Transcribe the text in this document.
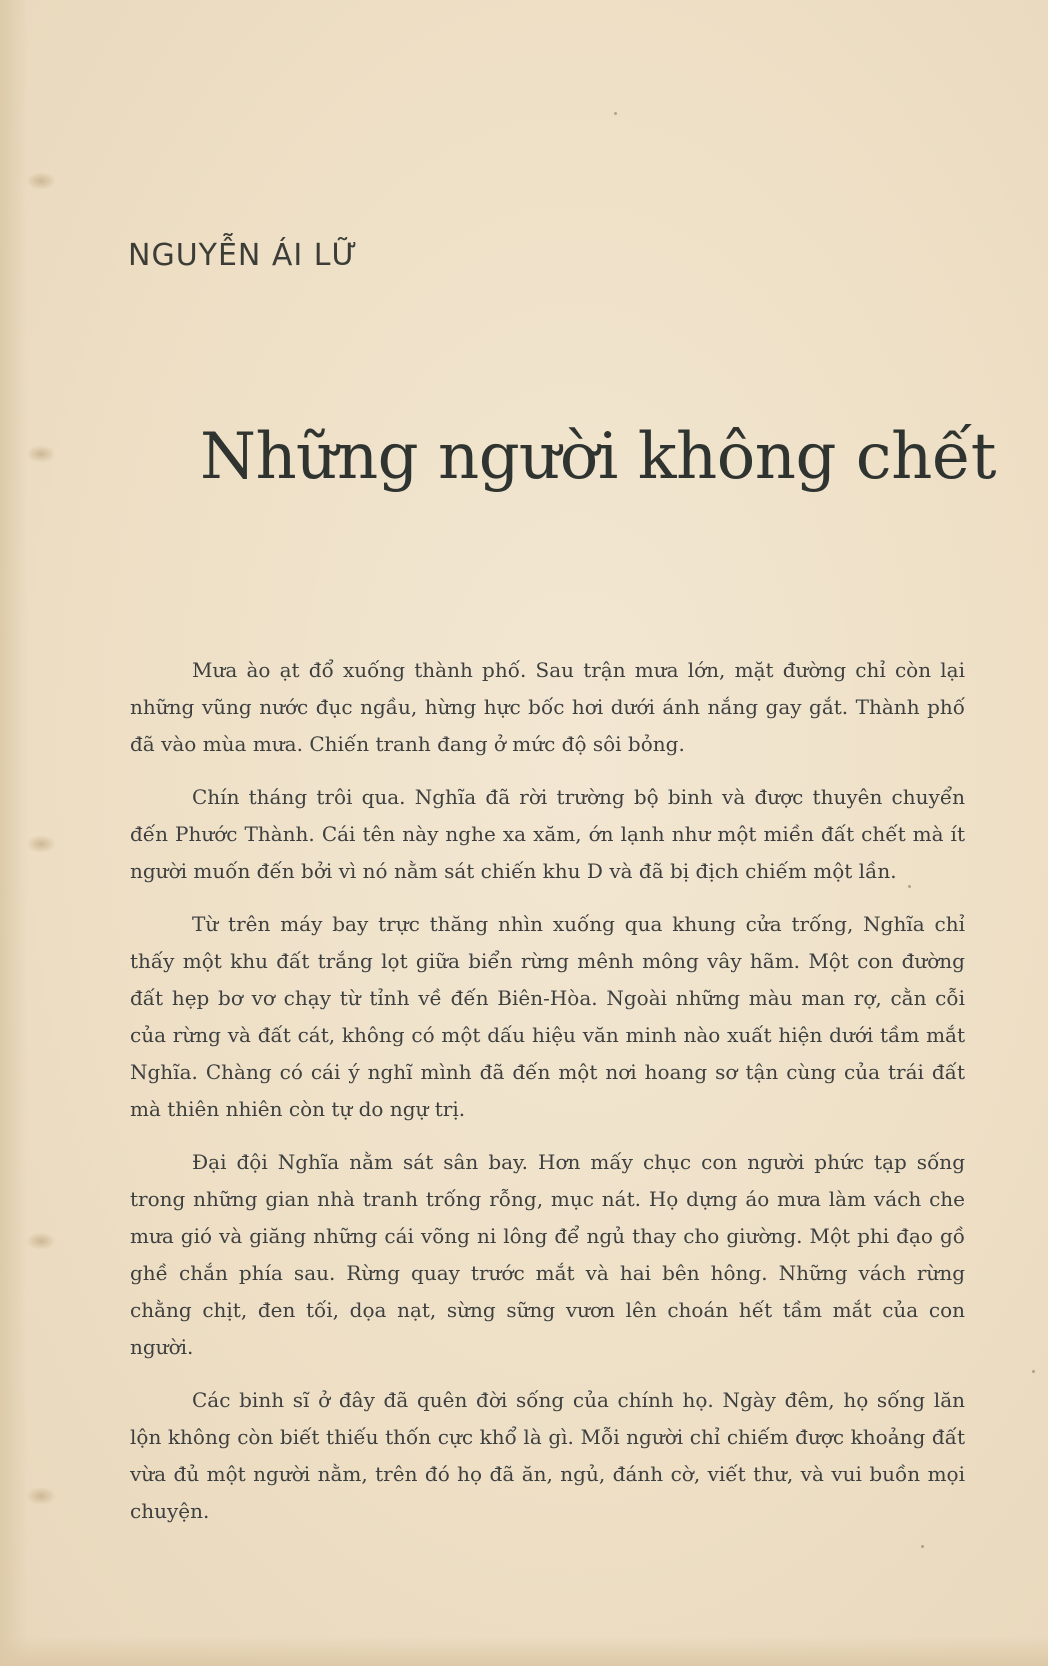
NGUYỄN ÁI LỮ
Những người không chết

Mưa ào ạt đổ xuống thành phố. Sau trận mưa lớn, mặt đường chỉ còn lại những vũng nước đục ngầu, hừng hực bốc hơi dưới ánh nắng gay gắt. Thành phố đã vào mùa mưa. Chiến tranh đang ở mức độ sôi bỏng.

Chín tháng trôi qua. Nghĩa đã rời trường bộ binh và được thuyên chuyển đến Phước Thành. Cái tên này nghe xa xăm, ớn lạnh như một miền đất chết mà ít người muốn đến bởi vì nó nằm sát chiến khu D và đã bị địch chiếm một lần.

Từ trên máy bay trực thăng nhìn xuống qua khung cửa trống, Nghĩa chỉ thấy một khu đất trắng lọt giữa biển rừng mênh mông vây hãm. Một con đường đất hẹp bơ vơ chạy từ tỉnh về đến Biên-Hòa. Ngoài những màu man rợ, cằn cỗi của rừng và đất cát, không có một dấu hiệu văn minh nào xuất hiện dưới tầm mắt Nghĩa. Chàng có cái ý nghĩ mình đã đến một nơi hoang sơ tận cùng của trái đất mà thiên nhiên còn tự do ngự trị.

Đại đội Nghĩa nằm sát sân bay. Hơn mấy chục con người phức tạp sống trong những gian nhà tranh trống rỗng, mục nát. Họ dựng áo mưa làm vách che mưa gió và giăng những cái võng ni lông để ngủ thay cho giường. Một phi đạo gồ ghề chắn phía sau. Rừng quay trước mắt và hai bên hông. Những vách rừng chằng chịt, đen tối, dọa nạt, sừng sững vươn lên choán hết tầm mắt của con người.

Các binh sĩ ở đây đã quên đời sống của chính họ. Ngày đêm, họ sống lăn lộn không còn biết thiếu thốn cực khổ là gì. Mỗi người chỉ chiếm được khoảng đất vừa đủ một người nằm, trên đó họ đã ăn, ngủ, đánh cờ, viết thư, và vui buồn mọi chuyện.
